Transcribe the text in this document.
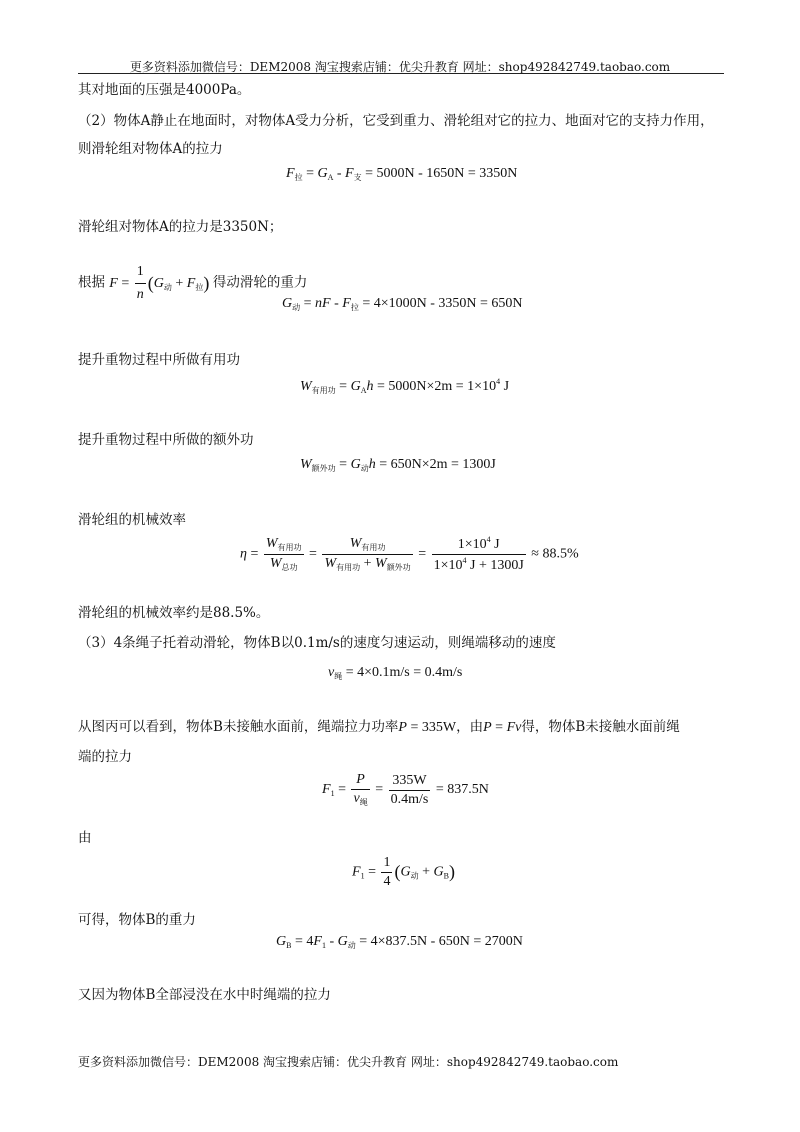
更多资料添加微信号：DEM2008 淘宝搜索店铺：优尖升教育 网址：shop492842749.taobao.com
其对地面的压强是4000Pa。
（2）物体A静止在地面时，对物体A受力分析，它受到重力、滑轮组对它的拉力、地面对它的支持力作用，则滑轮组对物体A的拉力
$F_拉 = G_A - F_支 = 5000N - 1650N = 3350N$
滑轮组对物体A的拉力是3350N；
根据 $F = \frac{1}{n} (G_动 + F_拉)$ 得动滑轮的重力
$G_动$ = nF - $F_拉 = 4\times 1000N - 3350N = 650N$
提升重物过程中所做有用功
$W_{有用功} = G_Ah = 5000N\times 2m = 1\times 10^4$ J
提升重物过程中所做的额外功
$W_{额外功} = G_动h = 650N\times 2m = 1300J$
滑轮组的机械效率
$\eta = \frac{W_{有用功}}{W_{总功}} = \frac{W_{有用功}}{W_{有用功} + W_{额外功}} = \frac{1\times 10^4 J}{1\times 10^4 J + 1300J} \approx 88.5\%$
滑轮组的机械效率约是88.5%。
（3）4条绳子托着动滑轮，物体B以0.1m/s的速度匀速运动，则绳端移动的速度
$v_绳 = 4\times 0.1m/s = 0.4m/s$
从图丙可以看到，物体B未接触水面前，绳端拉力功率P = 335W，由P = Fv得，物体B未接触水面前绳
端的拉力
$F_1 = \frac{P}{v_绳} = \frac{335W}{0.4m/s} = 837.5N$
由
$F_1 = \frac{1}{4} (G_动 + G_B)$
可得，物体B的重力
$G_B = 4F_1 - G_动 = 4\times 837.5N - 650N = 2700N$
又因为物体B全部浸没在水中时绳端的拉力
更多资料添加微信号：DEM2008 淘宝搜索店铺：优尖升教育 网址：shop492842749.taobao.com
